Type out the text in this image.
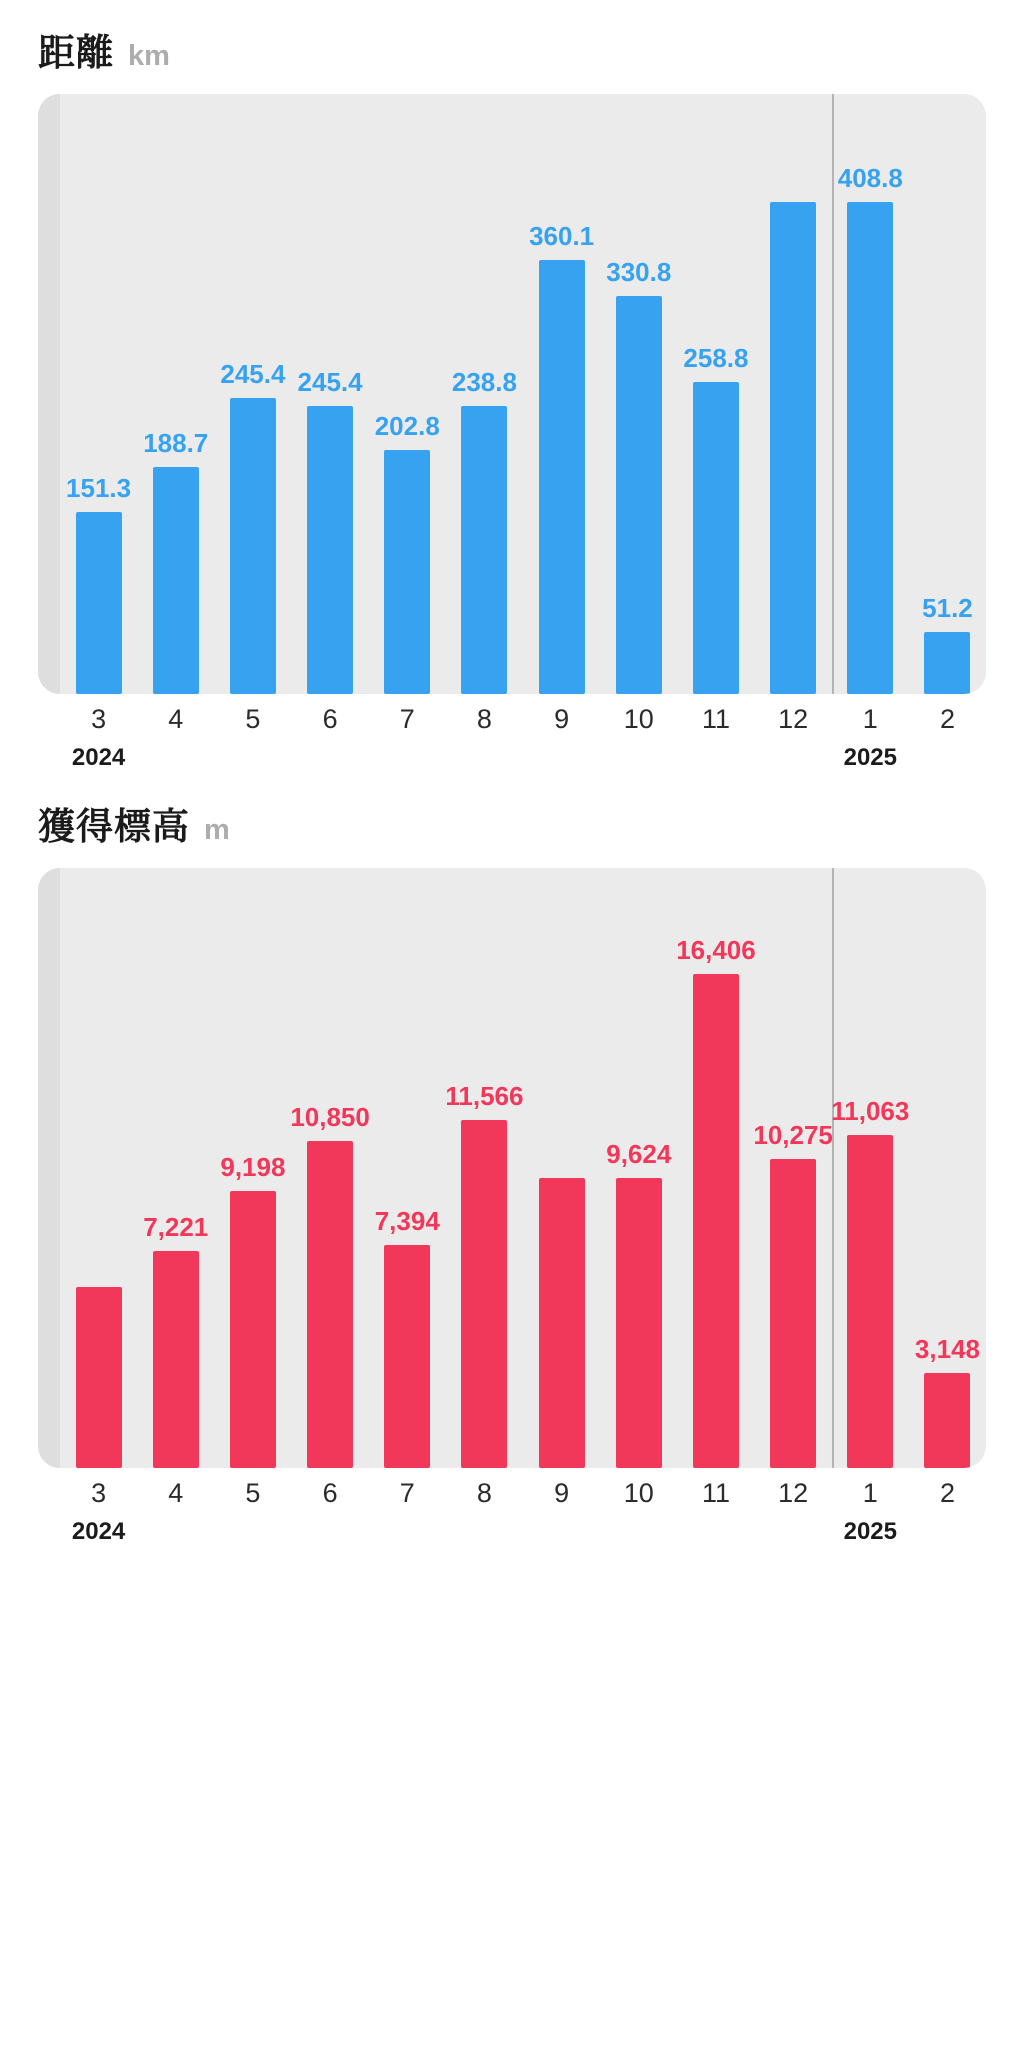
距離 km
151.3
188.7
245.4 245.4
202.8
238.8
360.1
330.8
258.8
408.8
51.2
3	4	5	6	7	8	9	10	11	12	1	2
2024	2025
獲得標高 m
7,221
9,198
10,850
7,394
11,566
9,624
16,406
10,275
11,063
3,148
3	4	5	6	7	8	9	10	11	12	1	2
2024	2025
